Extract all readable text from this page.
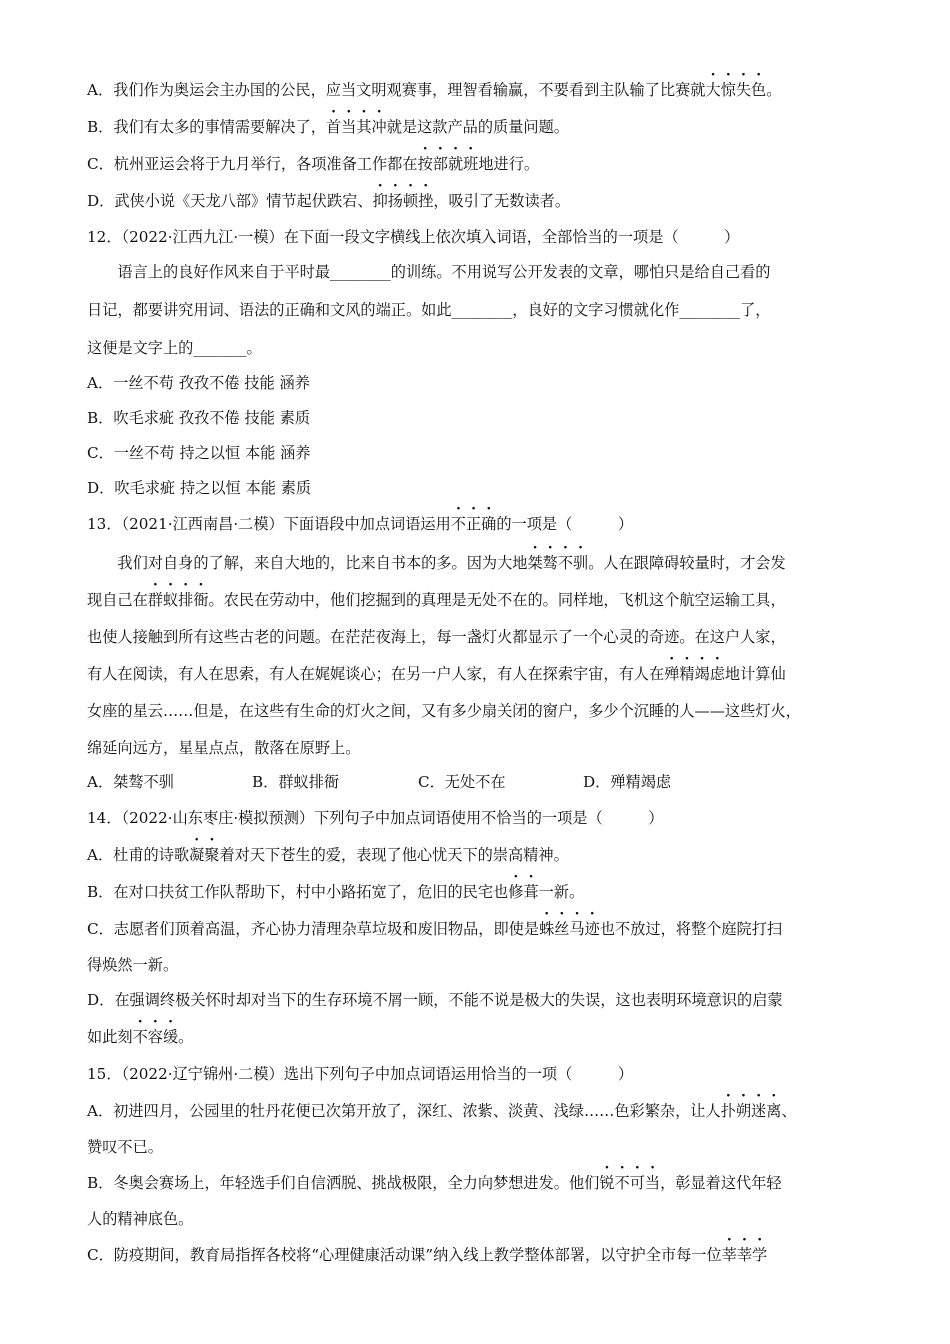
A．我们作为奥运会主办国的公民，应当文明观赛事，理智看输赢，不要看到主队输了比赛就大惊失色。
B．我们有太多的事情需要解决了，首当其冲就是这款产品的质量问题。
C．杭州亚运会将于九月举行，各项准备工作都在按部就班地进行。
D．武侠小说《天龙八部》情节起伏跌宕、抑扬顿挫，吸引了无数读者。
12．（2022·江西九江·一模）在下面一段文字横线上依次填入词语，全部恰当的一项是（　　　）
　　语言上的良好作风来自于平时最________的训练。不用说写公开发表的文章，哪怕只是给自己看的
日记，都要讲究用词、语法的正确和文风的端正。如此________，良好的文字习惯就化作________了，
这便是文字上的_______。
A．一丝不苟 孜孜不倦 技能 涵养
B．吹毛求疵 孜孜不倦 技能 素质
C．一丝不苟 持之以恒 本能 涵养
D．吹毛求疵 持之以恒 本能 素质
13．（2021·江西南昌·二模）下面语段中加点词语运用不正确的一项是（　　　）
　　我们对自身的了解，来自大地的，比来自书本的多。因为大地桀骜不驯。人在跟障碍较量时，才会发
现自己在群蚁排衙。农民在劳动中，他们挖掘到的真理是无处不在的。同样地，飞机这个航空运输工具，
也使人接触到所有这些古老的问题。在茫茫夜海上，每一盏灯火都显示了一个心灵的奇迹。在这户人家，
有人在阅读，有人在思索，有人在娓娓谈心；在另一户人家，有人在探索宇宙，有人在殚精竭虑地计算仙
女座的星云……但是，在这些有生命的灯火之间，又有多少扇关闭的窗户，多少个沉睡的人——这些灯火，
绵延向远方，星星点点，散落在原野上。
A．桀骜不驯	B．群蚁排衙	C．无处不在	D．殚精竭虑
14．（2022·山东枣庄·模拟预测）下列句子中加点词语使用不恰当的一项是（　　　）
A．杜甫的诗歌凝聚着对天下苍生的爱，表现了他心忧天下的崇高精神。
B．在对口扶贫工作队帮助下，村中小路拓宽了，危旧的民宅也修葺一新。
C．志愿者们顶着高温，齐心协力清理杂草垃圾和废旧物品，即使是蛛丝马迹也不放过，将整个庭院打扫
得焕然一新。
D．在强调终极关怀时却对当下的生存环境不屑一顾，不能不说是极大的失误，这也表明环境意识的启蒙
如此刻不容缓。
15．（2022·辽宁锦州·二模）选出下列句子中加点词语运用恰当的一项（　　　）
A．初进四月，公园里的牡丹花便已次第开放了，深红、浓紫、淡黄、浅绿……色彩繁杂，让人扑朔迷离、
赞叹不已。
B．冬奥会赛场上，年轻选手们自信洒脱、挑战极限，全力向梦想进发。他们锐不可当，彰显着这代年轻
人的精神底色。
C．防疫期间，教育局指挥各校将“心理健康活动课”纳入线上教学整体部署，以守护全市每一位莘莘学
